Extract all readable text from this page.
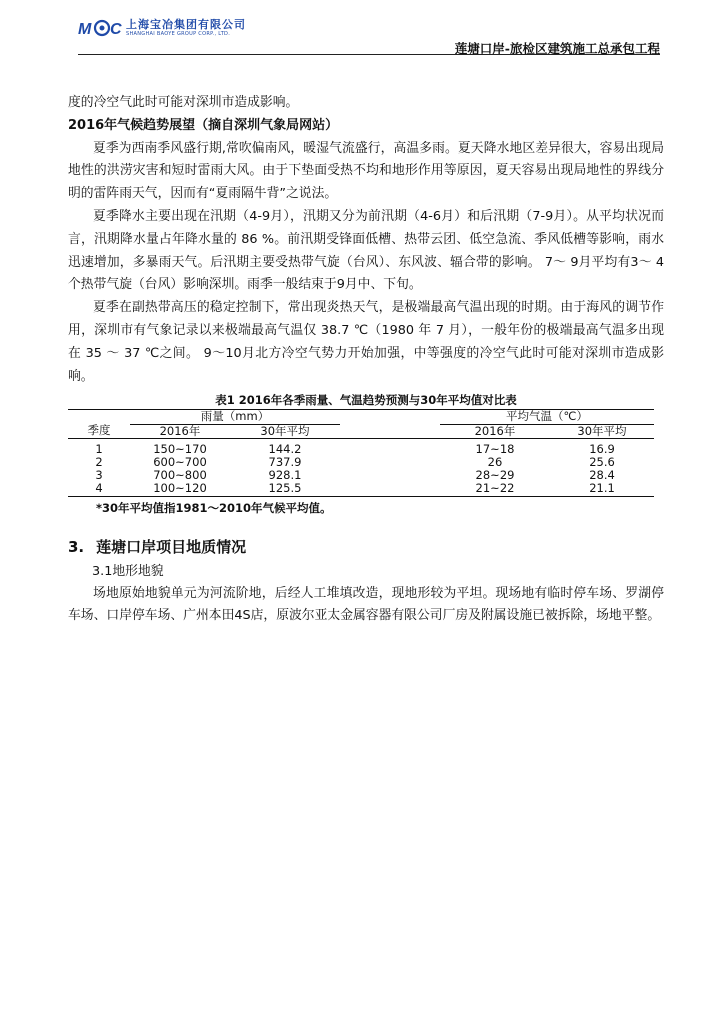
M C 上海宝冶集团有限公司
SHANGHAI BAOYE GROUP CORP., LTD.
莲塘口岸-旅检区建筑施工总承包工程

度的冷空气此时可能对深圳市造成影响。

2016年气候趋势展望（摘自深圳气象局网站）

夏季为西南季风盛行期,常吹偏南风，暖湿气流盛行，高温多雨。夏天降水地区差异很大，容易出现局地性的洪涝灾害和短时雷雨大风。由于下垫面受热不均和地形作用等原因，夏天容易出现局地性的界线分明的雷阵雨天气，因而有“夏雨隔牛背”之说法。

夏季降水主要出现在汛期（4-9月），汛期又分为前汛期（4-6月）和后汛期（7-9月）。从平均状况而言，汛期降水量占年降水量的 86 %。前汛期受锋面低槽、热带云团、低空急流、季风低槽等影响，雨水迅速增加，多暴雨天气。后汛期主要受热带气旋（台风）、东风波、辐合带的影响。 7～ 9月平均有3～ 4个热带气旋（台风）影响深圳。雨季一般结束于9月中、下旬。

夏季在副热带高压的稳定控制下，常出现炎热天气，是极端最高气温出现的时期。由于海风的调节作用，深圳市有气象记录以来极端最高气温仅 38.7 ℃（1980 年 7 月），一般年份的极端最高气温多出现在 35 ～ 37 ℃之间。 9～10月北方冷空气势力开始加强，中等强度的冷空气此时可能对深圳市造成影响。

表1 2016年各季雨量、气温趋势预测与30年平均值对比表
	雨量（mm）			平均气温（℃）	
季度	2016年	30年平均		2016年	30年平均

1	150~170	144.2		17~18	16.9
2	600~700	737.9		26	25.6
3	700~800	928.1		28~29	28.4
4	100~120	125.5		21~22	21.1
*30年平均值指1981～2010年气候平均值。
3. 莲塘口岸项目地质情况
3.1地形地貌

场地原始地貌单元为河流阶地，后经人工堆填改造，现地形较为平坦。现场地有临时停车场、罗湖停车场、口岸停车场、广州本田4S店，原波尔亚太金属容器有限公司厂房及附属设施已被拆除，场地平整。
